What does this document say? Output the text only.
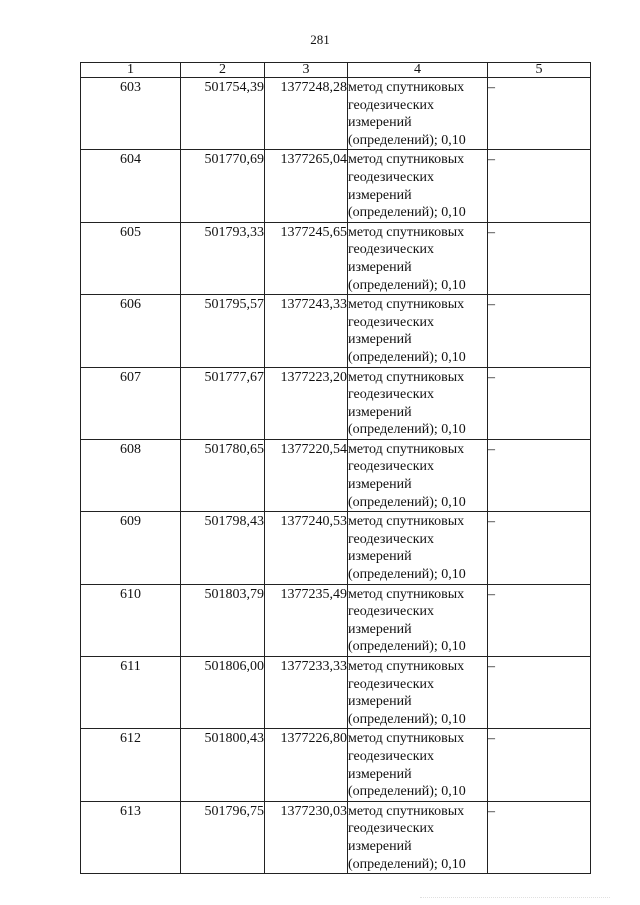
281
1	2	3	4	5
603	501754,39	1377248,28	метод спутниковых
геодезических
измерений
(определений); 0,10	–
604	501770,69	1377265,04	метод спутниковых
геодезических
измерений
(определений); 0,10	–
605	501793,33	1377245,65	метод спутниковых
геодезических
измерений
(определений); 0,10	–
606	501795,57	1377243,33	метод спутниковых
геодезических
измерений
(определений); 0,10	–
607	501777,67	1377223,20	метод спутниковых
геодезических
измерений
(определений); 0,10	–
608	501780,65	1377220,54	метод спутниковых
геодезических
измерений
(определений); 0,10	–
609	501798,43	1377240,53	метод спутниковых
геодезических
измерений
(определений); 0,10	–
610	501803,79	1377235,49	метод спутниковых
геодезических
измерений
(определений); 0,10	–
611	501806,00	1377233,33	метод спутниковых
геодезических
измерений
(определений); 0,10	–
612	501800,43	1377226,80	метод спутниковых
геодезических
измерений
(определений); 0,10	–
613	501796,75	1377230,03	метод спутниковых
геодезических
измерений
(определений); 0,10	–
